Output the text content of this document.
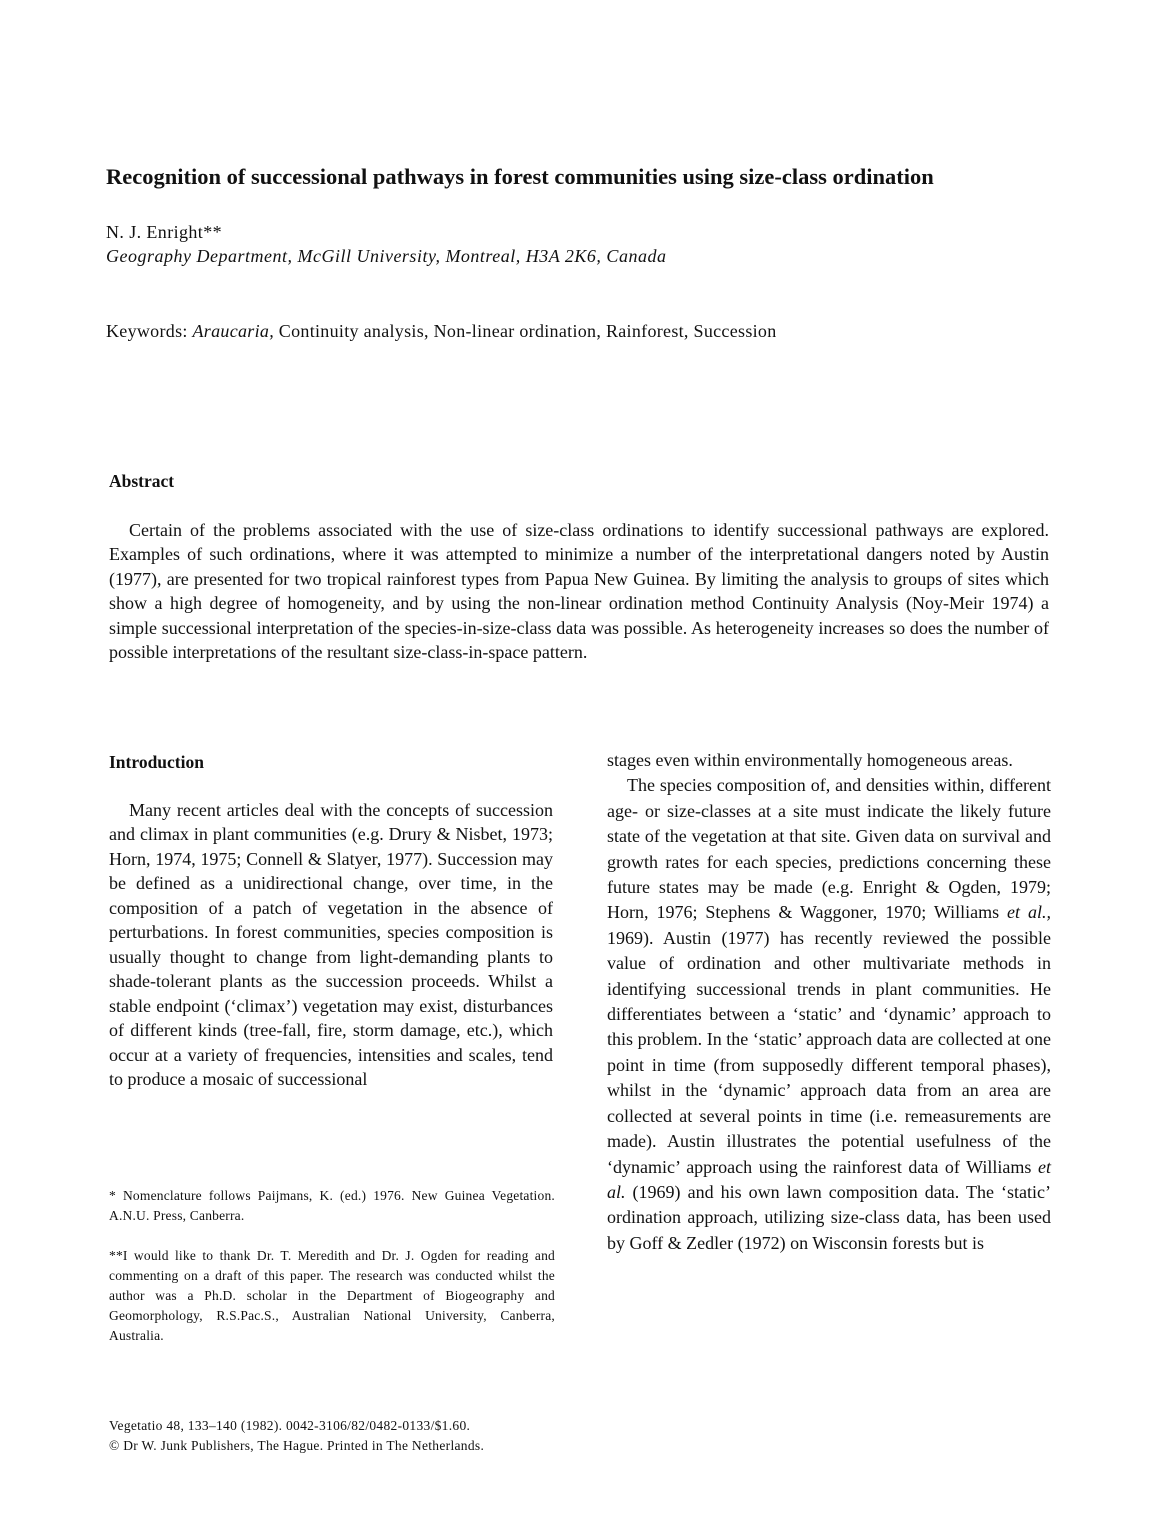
Recognition of successional pathways in forest communities using size-class ordination
N. J. Enright**
Geography Department, McGill University, Montreal, H3A 2K6, Canada
Keywords: Araucaria, Continuity analysis, Non-linear ordination, Rainforest, Succession
Abstract

Certain of the problems associated with the use of size-class ordinations to identify successional pathways are explored. Examples of such ordinations, where it was attempted to minimize a number of the interpretational dangers noted by Austin (1977), are presented for two tropical rainforest types from Papua New Guinea. By limiting the analysis to groups of sites which show a high degree of homogeneity, and by using the non-linear ordination method Continuity Analysis (Noy-Meir 1974) a simple successional interpretation of the species-in-size-class data was possible. As heterogeneity increases so does the number of possible interpretations of the resultant size-class-in-space pattern.

Introduction

Many recent articles deal with the concepts of succession and climax in plant communities (e.g. Drury & Nisbet, 1973; Horn, 1974, 1975; Connell & Slatyer, 1977). Succession may be defined as a unidirectional change, over time, in the composition of a patch of vegetation in the absence of perturbations. In forest communities, species composition is usually thought to change from light-demanding plants to shade-tolerant plants as the succession proceeds. Whilst a stable endpoint (‘climax’) vegetation may exist, disturbances of different kinds (tree-fall, fire, storm damage, etc.), which occur at a variety of frequencies, intensities and scales, tend to produce a mosaic of successional

* Nomenclature follows Paijmans, K. (ed.) 1976. New Guinea Vegetation. A.N.U. Press, Canberra.

**I would like to thank Dr. T. Meredith and Dr. J. Ogden for reading and commenting on a draft of this paper. The research was conducted whilst the author was a Ph.D. scholar in the Department of Biogeography and Geomorphology, R.S.Pac.S., Australian National University, Canberra, Australia.

Vegetatio 48, 133–140 (1982). 0042-3106/82/0482-0133/$1.60.
© Dr W. Junk Publishers, The Hague. Printed in The Netherlands.

stages even within environmentally homogeneous areas.

The species composition of, and densities within, different age- or size-classes at a site must indicate the likely future state of the vegetation at that site. Given data on survival and growth rates for each species, predictions concerning these future states may be made (e.g. Enright & Ogden, 1979; Horn, 1976; Stephens & Waggoner, 1970; Williams et al., 1969). Austin (1977) has recently reviewed the possible value of ordination and other multivariate methods in identifying successional trends in plant communities. He differentiates between a ‘static’ and ‘dynamic’ approach to this problem. In the ‘static’ approach data are collected at one point in time (from supposedly different temporal phases), whilst in the ‘dynamic’ approach data from an area are collected at several points in time (i.e. remeasurements are made). Austin illustrates the potential usefulness of the ‘dynamic’ approach using the rainforest data of Williams et al. (1969) and his own lawn composition data. The ‘static’ ordination approach, utilizing size-class data, has been used by Goff & Zedler (1972) on Wisconsin forests but is
